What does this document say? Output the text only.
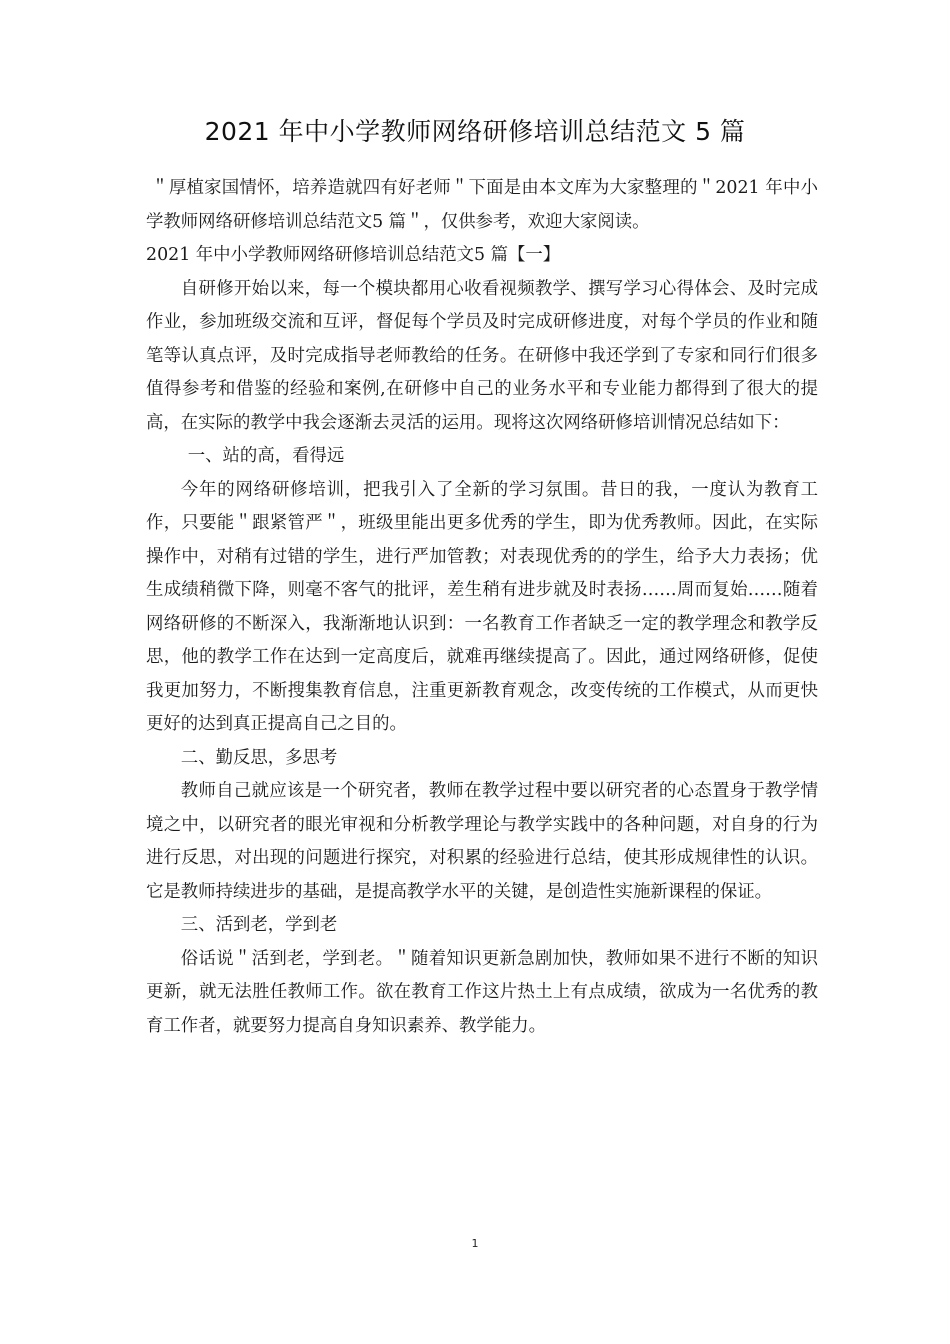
2021 年中小学教师网络研修培训总结范文 5 篇

＂厚植家国情怀，培养造就四有好老师＂下面是由本文库为大家整理的＂2021 年中小学教师网络研修培训总结范文5 篇＂，仅供参考，欢迎大家阅读。

2021 年中小学教师网络研修培训总结范文5 篇【一】

自研修开始以来，每一个模块都用心收看视频教学、撰写学习心得体会、及时完成作业，参加班级交流和互评，督促每个学员及时完成研修进度，对每个学员的作业和随笔等认真点评，及时完成指导老师教给的任务。在研修中我还学到了专家和同行们很多值得参考和借鉴的经验和案例,在研修中自己的业务水平和专业能力都得到了很大的提高，在实际的教学中我会逐渐去灵活的运用。现将这次网络研修培训情况总结如下：

一、站的高，看得远

今年的网络研修培训，把我引入了全新的学习氛围。昔日的我，一度认为教育工作，只要能＂跟紧管严＂，班级里能出更多优秀的学生，即为优秀教师。因此，在实际操作中，对稍有过错的学生，进行严加管教；对表现优秀的的学生，给予大力表扬；优生成绩稍微下降，则毫不客气的批评，差生稍有进步就及时表扬……周而复始……随着网络研修的不断深入，我渐渐地认识到：一名教育工作者缺乏一定的教学理念和教学反思，他的教学工作在达到一定高度后，就难再继续提高了。因此，通过网络研修，促使我更加努力，不断搜集教育信息，注重更新教育观念，改变传统的工作模式，从而更快更好的达到真正提高自己之目的。

二、勤反思，多思考

教师自己就应该是一个研究者，教师在教学过程中要以研究者的心态置身于教学情境之中，以研究者的眼光审视和分析教学理论与教学实践中的各种问题，对自身的行为进行反思，对出现的问题进行探究，对积累的经验进行总结，使其形成规律性的认识。它是教师持续进步的基础，是提高教学水平的关键，是创造性实施新课程的保证。

三、活到老，学到老

俗话说＂活到老，学到老。＂随着知识更新急剧加快，教师如果不进行不断的知识更新，就无法胜任教师工作。欲在教育工作这片热土上有点成绩，欲成为一名优秀的教育工作者，就要努力提高自身知识素养、教学能力。

1
